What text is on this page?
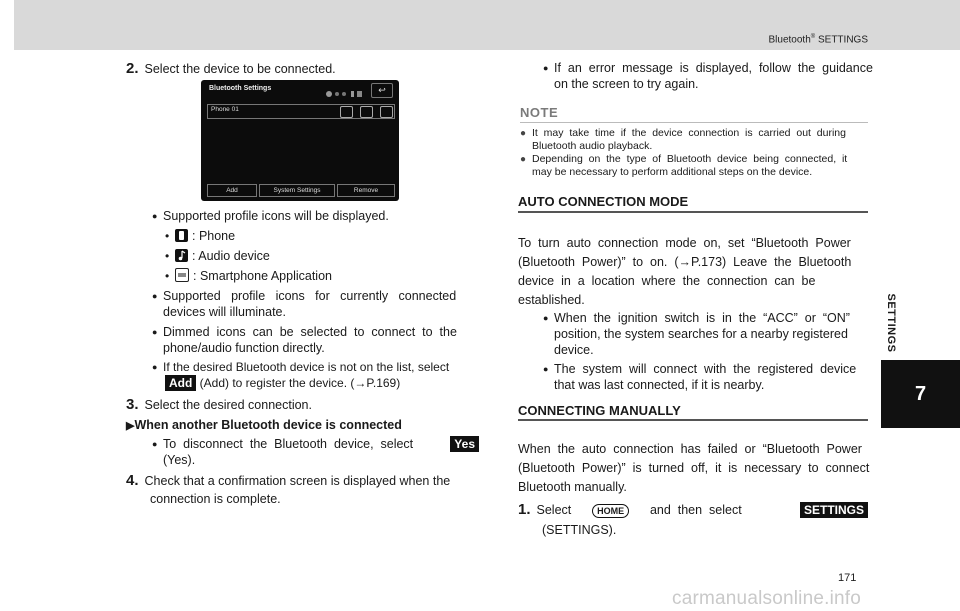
Bluetooth® SETTINGS
SETTINGS
7
2. Select the device to be connected.
Bluetooth Settings	↩
Phone 01
Add	System Settings	Remove
● Supported profile icons will be displayed.
• : Phone
• : Audio device
• : Smartphone Application
● Supported   profile   icons   for   currently   connected
devices will illuminate.
● Dimmed  icons  can  be  selected  to  connect  to  the
phone/audio function directly.
● If the desired Bluetooth device is not on the list, select
Add (Add) to register the device. (→P.169)
3. Select the desired connection.
▶When another Bluetooth device is connected
● To  disconnect  the  Bluetooth  device,  select	Yes
(Yes).
4. Check that a confirmation screen is displayed when the
connection is complete.
● If  an  error  message  is  displayed,  follow  the  guidance
on the screen to try again.
NOTE
● It  may  take  time  if  the  device  connection  is  carried  out  during
Bluetooth audio playback.
● Depending  on  the  type  of  Bluetooth  device  being  connected,  it
may be necessary to perform additional steps on the device.
AUTO CONNECTION MODE
To  turn  auto  connection  mode  on,  set  “Bluetooth  Power
(Bluetooth  Power)”  to  on.  (→P.173)  Leave  the  Bluetooth
device  in  a  location  where  the  connection  can  be
established.
● When  the  ignition  switch  is  in  the  “ACC”  or  “ON”
position, the system searches for a nearby registered
device.
● The  system  will  connect  with  the  registered  device
that was last connected, if it is nearby.
CONNECTING MANUALLY
When  the  auto  connection  has  failed  or  “Bluetooth  Power
(Bluetooth  Power)”  is  turned  off,  it  is  necessary  to  connect
Bluetooth manually.
1. Select	HOME and  then  select	SETTINGS
(SETTINGS).
171
carmanualsonline.info
